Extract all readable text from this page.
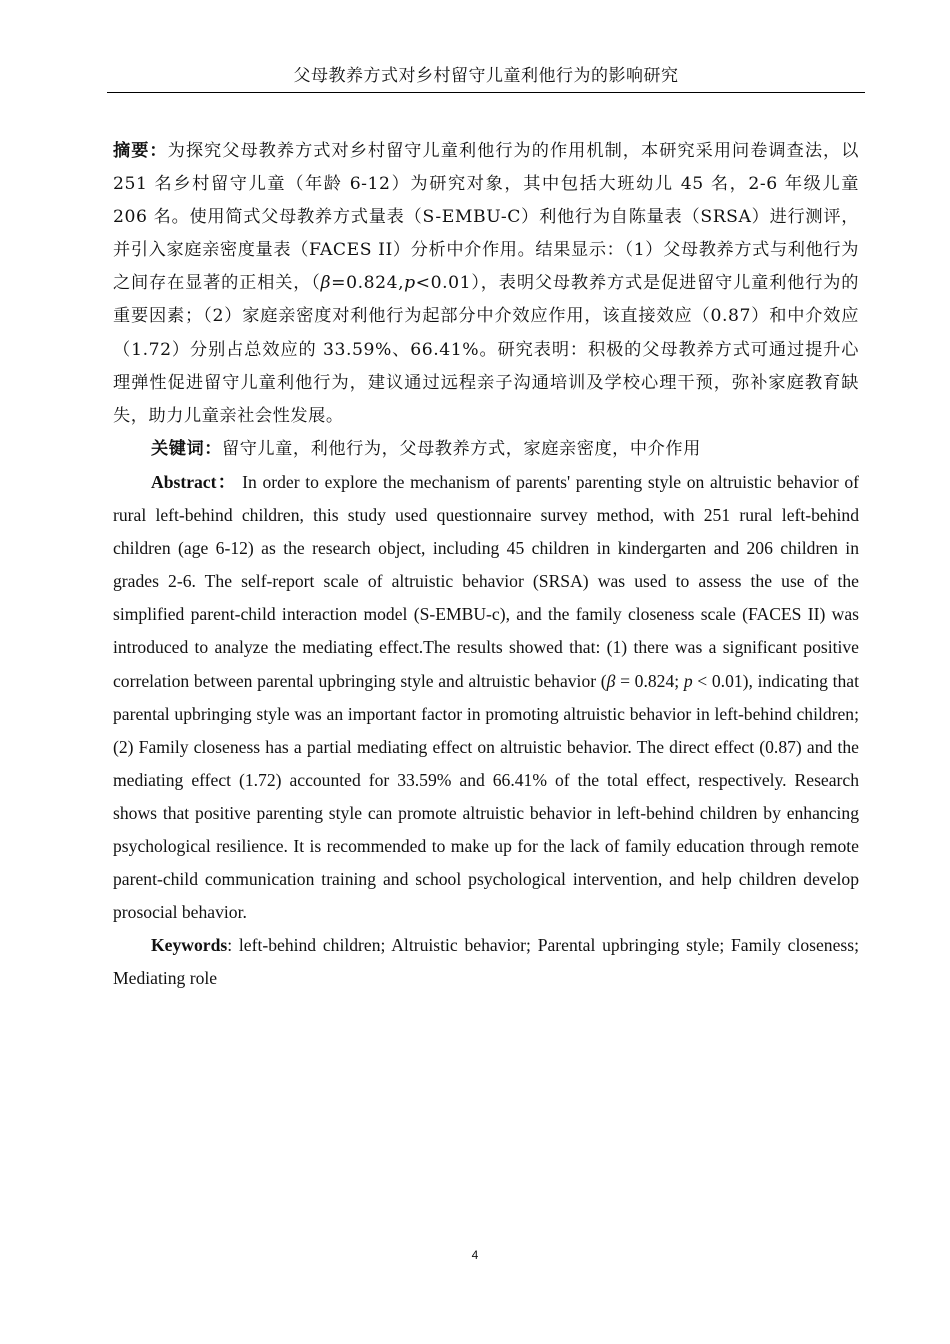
父母教养方式对乡村留守儿童利他行为的影响研究

摘要：为探究父母教养方式对乡村留守儿童利他行为的作用机制，本研究采用问卷调查法，以 251 名乡村留守儿童（年龄 6-12）为研究对象，其中包括大班幼儿 45 名，2-6 年级儿童 206 名。使用简式父母教养方式量表（S-EMBU-C）利他行为自陈量表（SRSA）进行测评，并引入家庭亲密度量表（FACES II）分析中介作用。结果显示：（1）父母教养方式与利他行为之间存在显著的正相关，（β=0.824,p<0.01），表明父母教养方式是促进留守儿童利他行为的重要因素；（2）家庭亲密度对利他行为起部分中介效应作用，该直接效应（0.87）和中介效应（1.72）分别占总效应的 33.59%、66.41%。研究表明：积极的父母教养方式可通过提升心理弹性促进留守儿童利他行为，建议通过远程亲子沟通培训及学校心理干预，弥补家庭教育缺失，助力儿童亲社会性发展。

关键词：留守儿童，利他行为，父母教养方式，家庭亲密度，中介作用

Abstract： In order to explore the mechanism of parents' parenting style on altruistic behavior of rural left-behind children, this study used questionnaire survey method, with 251 rural left-behind children (age 6-12) as the research object, including 45 children in kindergarten and 206 children in grades 2-6. The self-report scale of altruistic behavior (SRSA) was used to assess the use of the simplified parent-child interaction model (S-EMBU-c), and the family closeness scale (FACES II) was introduced to analyze the mediating effect.The results showed that: (1) there was a significant positive correlation between parental upbringing style and altruistic behavior (β = 0.824; p < 0.01), indicating that parental upbringing style was an important factor in promoting altruistic behavior in left-behind children;(2) Family closeness has a partial mediating effect on altruistic behavior. The direct effect (0.87) and the mediating effect (1.72) accounted for 33.59% and 66.41% of the total effect, respectively. Research shows that positive parenting style can promote altruistic behavior in left-behind children by enhancing psychological resilience. It is recommended to make up for the lack of family education through remote parent-child communication training and school psychological intervention, and help children develop prosocial behavior.

Keywords: left-behind children; Altruistic behavior; Parental upbringing style; Family closeness; Mediating role

4
